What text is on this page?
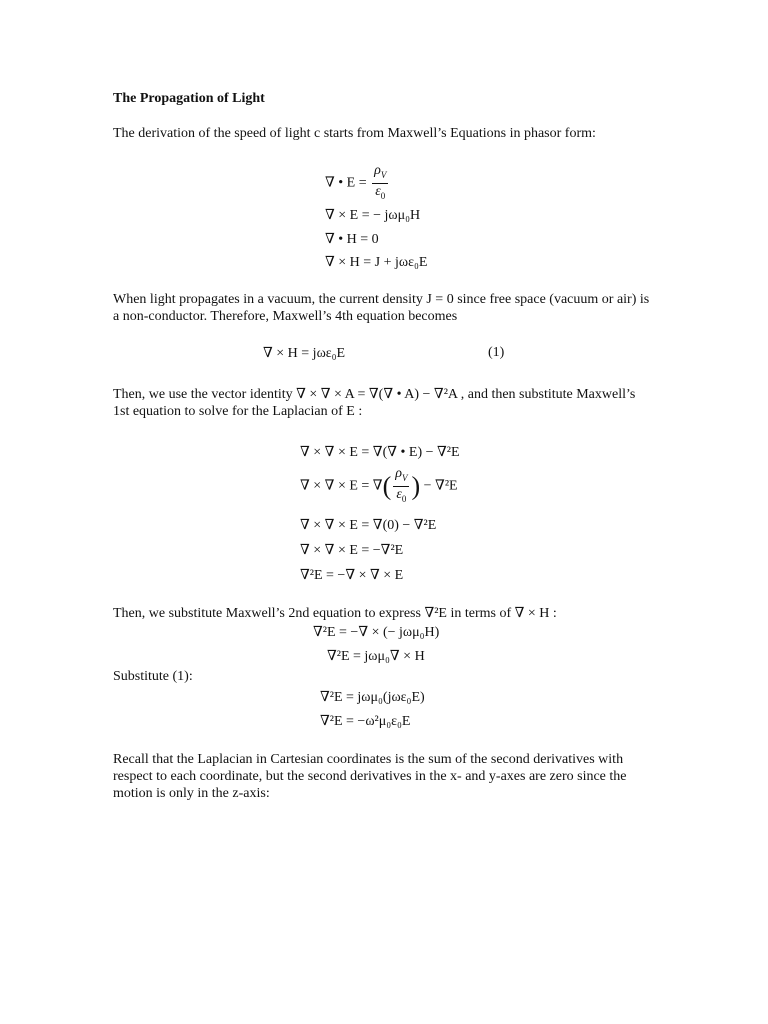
The Propagation of Light
The derivation of the speed of light c starts from Maxwell’s Equations in phasor form:
∇ • $E = \frac{\rho_V}{\varepsilon_0}$
∇ × E = − jωμ₀H
∇ • H = 0
∇ × H = J + jωε₀E
When light propagates in a vacuum, the current density J = 0 since free space (vacuum or air) is a non-conductor. Therefore, Maxwell’s 4th equation becomes
∇ × H = jωε₀E	(1)
Then, we use the vector identity ∇ × ∇ × A = ∇(∇ • A) − ∇²A , and then substitute Maxwell’s 1st equation to solve for the Laplacian of E :
∇ × ∇ × E = ∇(∇ • E) − ∇²E
∇ × ∇ × E = ∇( $\frac{\rho_V}{\varepsilon_0}$ ) − ∇²E
∇ × ∇ × E = ∇(0) − ∇²E
∇ × ∇ × E = −∇²E
∇²E = −∇ × ∇ × E
Then, we substitute Maxwell’s 2nd equation to express ∇²E in terms of ∇ × H :
∇²E = −∇ × (− jωμ₀H)
∇²E = jωμ₀∇ × H
Substitute (1):
∇²E = jωμ₀(jωε₀E)
∇²E = −ω²μ₀ε₀E
Recall that the Laplacian in Cartesian coordinates is the sum of the second derivatives with respect to each coordinate, but the second derivatives in the x- and y-axes are zero since the motion is only in the z-axis:
